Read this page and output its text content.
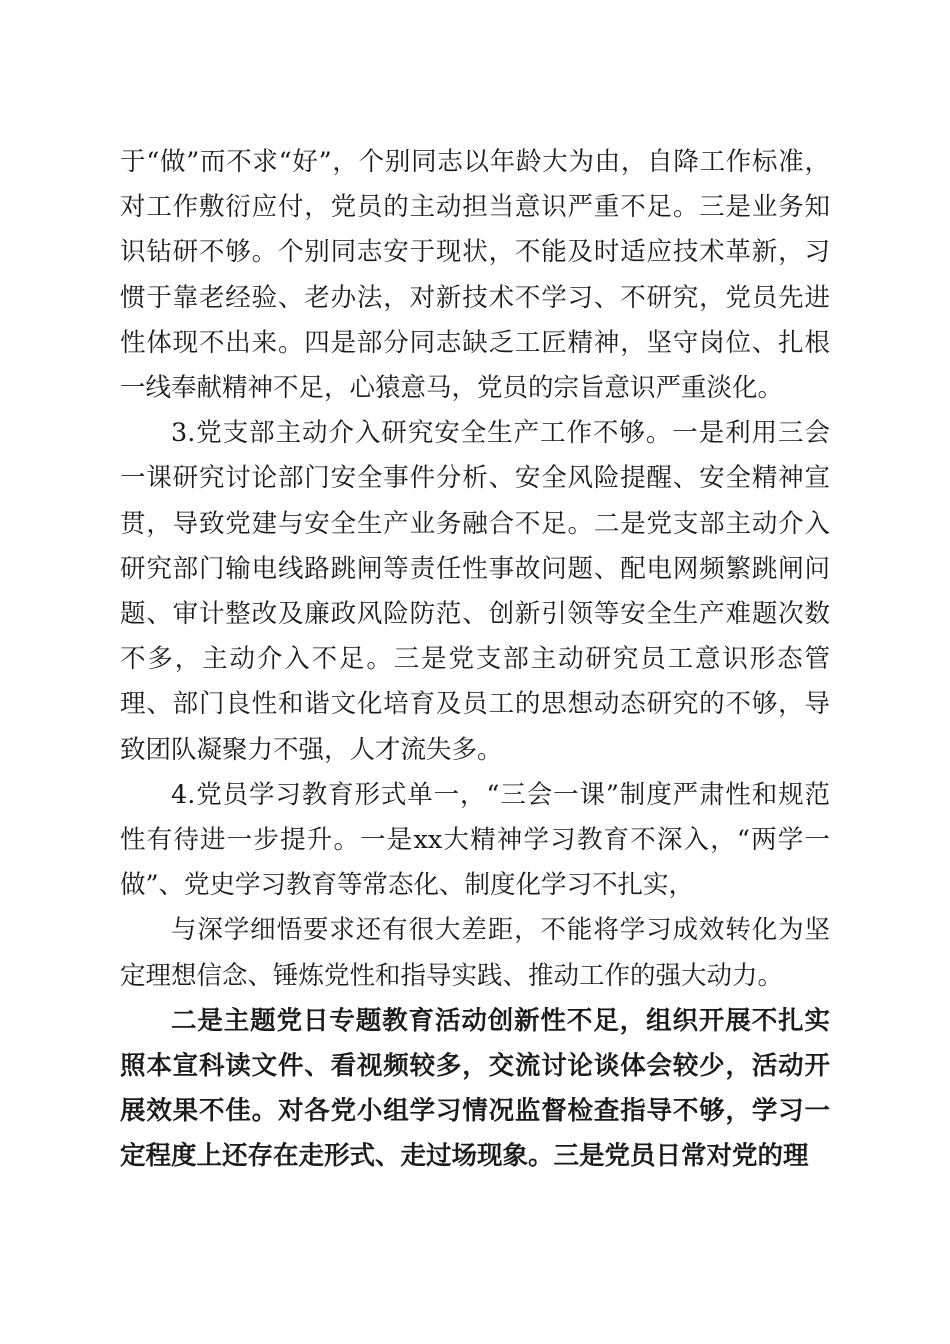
于“做”而不求“好”，个别同志以年龄大为由，自降工作标准，对工作敷衍应付，党员的主动担当意识严重不足。三是业务知识钻研不够。个别同志安于现状，不能及时适应技术革新，习惯于靠老经验、老办法，对新技术不学习、不研究，党员先进性体现不出来。四是部分同志缺乏工匠精神，坚守岗位、扎根一线奉献精神不足，心猿意马，党员的宗旨意识严重淡化。

3.党支部主动介入研究安全生产工作不够。一是利用三会一课研究讨论部门安全事件分析、安全风险提醒、安全精神宣贯，导致党建与安全生产业务融合不足。二是党支部主动介入研究部门输电线路跳闸等责任性事故问题、配电网频繁跳闸问题、审计整改及廉政风险防范、创新引领等安全生产难题次数不多，主动介入不足。三是党支部主动研究员工意识形态管理、部门良性和谐文化培育及员工的思想动态研究的不够，导致团队凝聚力不强，人才流失多。

4.党员学习教育形式单一，“三会一课”制度严肃性和规范性有待进一步提升。一是xx大精神学习教育不深入，“两学一做”、党史学习教育等常态化、制度化学习不扎实，

与深学细悟要求还有很大差距，不能将学习成效转化为坚定理想信念、锤炼党性和指导实践、推动工作的强大动力。

二是主题党日专题教育活动创新性不足，组织开展不扎实照本宣科读文件、看视频较多，交流讨论谈体会较少，活动开展效果不佳。对各党小组学习情况监督检查指导不够，学习一定程度上还存在走形式、走过场现象。三是党员日常对党的理
